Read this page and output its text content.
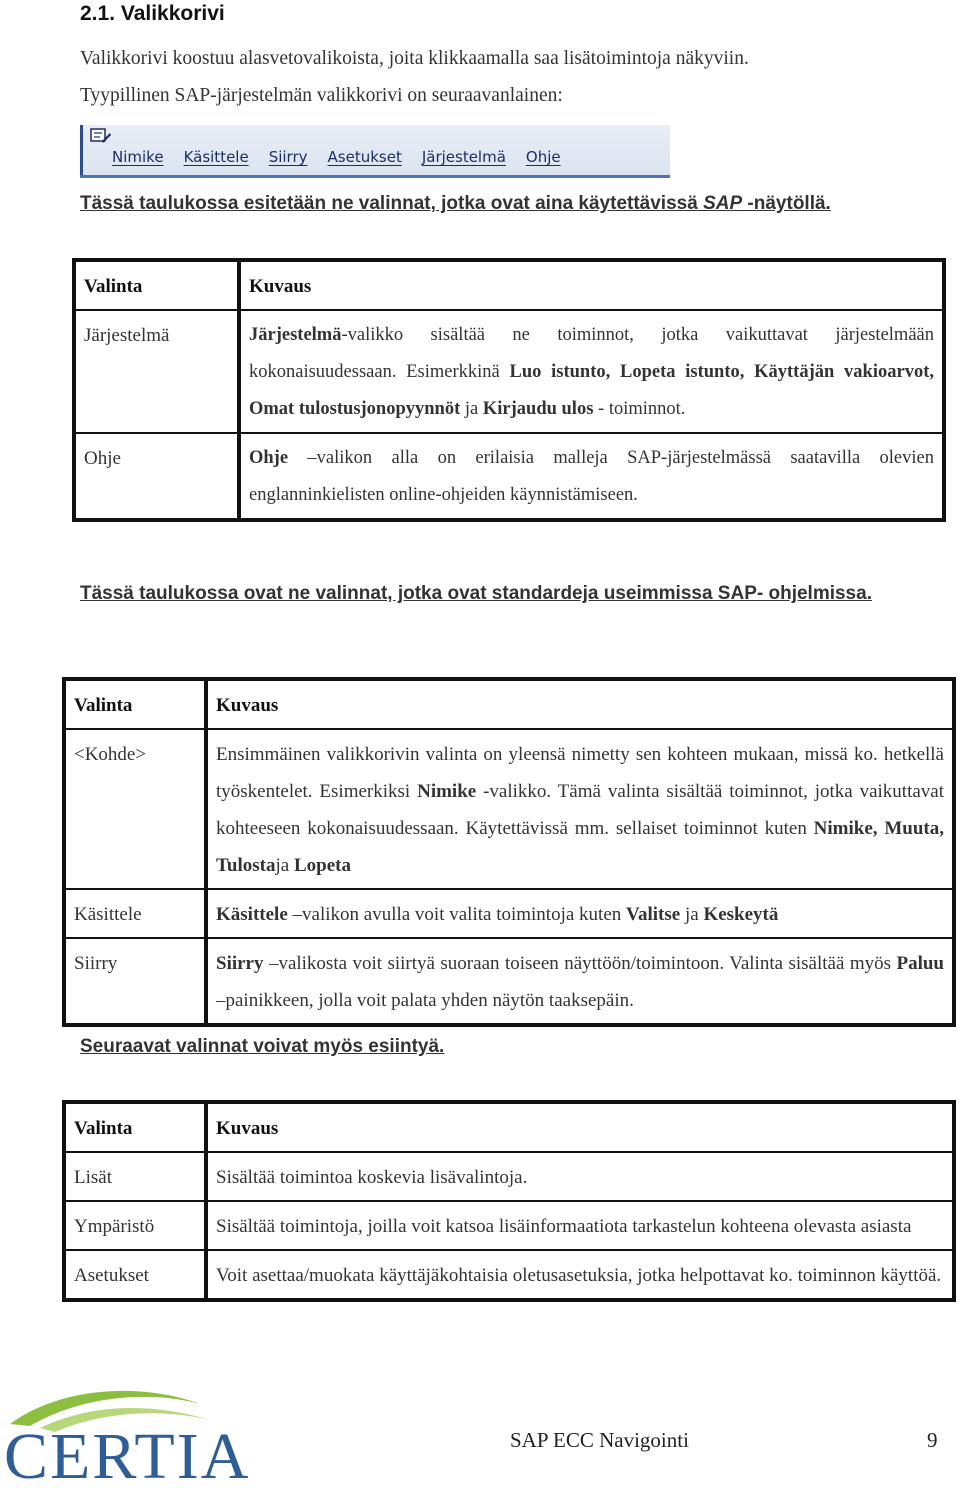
2.1. Valikkorivi
Valikkorivi koostuu alasvetovalikoista, joita klikkaamalla saa lisätoimintoja näkyviin.
Tyypillinen SAP-järjestelmän valikkorivi on seuraavanlainen:
Nimike Käsittele Siirry Asetukset Järjestelmä Ohje
Tässä taulukossa esitetään ne valinnat, jotka ovat aina käytettävissä SAP -näytöllä.
Valinta	Kuvaus
Järjestelmä	Järjestelmä-valikko sisältää ne toiminnot, jotka vaikuttavat järjestelmään kokonaisuudessaan. Esimerkkinä Luo istunto, Lopeta istunto, Käyttäjän vakioarvot, Omat tulostusjonopyynnöt ja Kirjaudu ulos - toiminnot.
Ohje	Ohje –valikon alla on erilaisia malleja SAP-järjestelmässä saatavilla olevien englanninkielisten online-ohjeiden käynnistämiseen.
Tässä taulukossa ovat ne valinnat, jotka ovat standardeja useimmissa SAP- ohjelmissa.
Valinta	Kuvaus
<Kohde>	Ensimmäinen valikkorivin valinta on yleensä nimetty sen kohteen mukaan, missä ko. hetkellä työskentelet. Esimerkiksi Nimike -valikko. Tämä valinta sisältää toiminnot, jotka vaikuttavat kohteeseen kokonaisuudessaan. Käytettävissä mm. sellaiset toiminnot kuten Nimike, Muuta, Tulostaja Lopeta
Käsittele	Käsittele –valikon avulla voit valita toimintoja kuten Valitse ja Keskeytä
Siirry	Siirry –valikosta voit siirtyä suoraan toiseen näyttöön/toimintoon. Valinta sisältää myös Paluu –painikkeen, jolla voit palata yhden näytön taaksepäin.
Seuraavat valinnat voivat myös esiintyä.
Valinta	Kuvaus
Lisät	Sisältää toimintoa koskevia lisävalintoja.
Ympäristö	Sisältää toimintoja, joilla voit katsoa lisäinformaatiota tarkastelun kohteena olevasta asiasta
Asetukset	Voit asettaa/muokata käyttäjäkohtaisia oletusasetuksia, jotka helpottavat ko. toiminnon käyttöä.
CERTIA	SAP ECC Navigointi	9
